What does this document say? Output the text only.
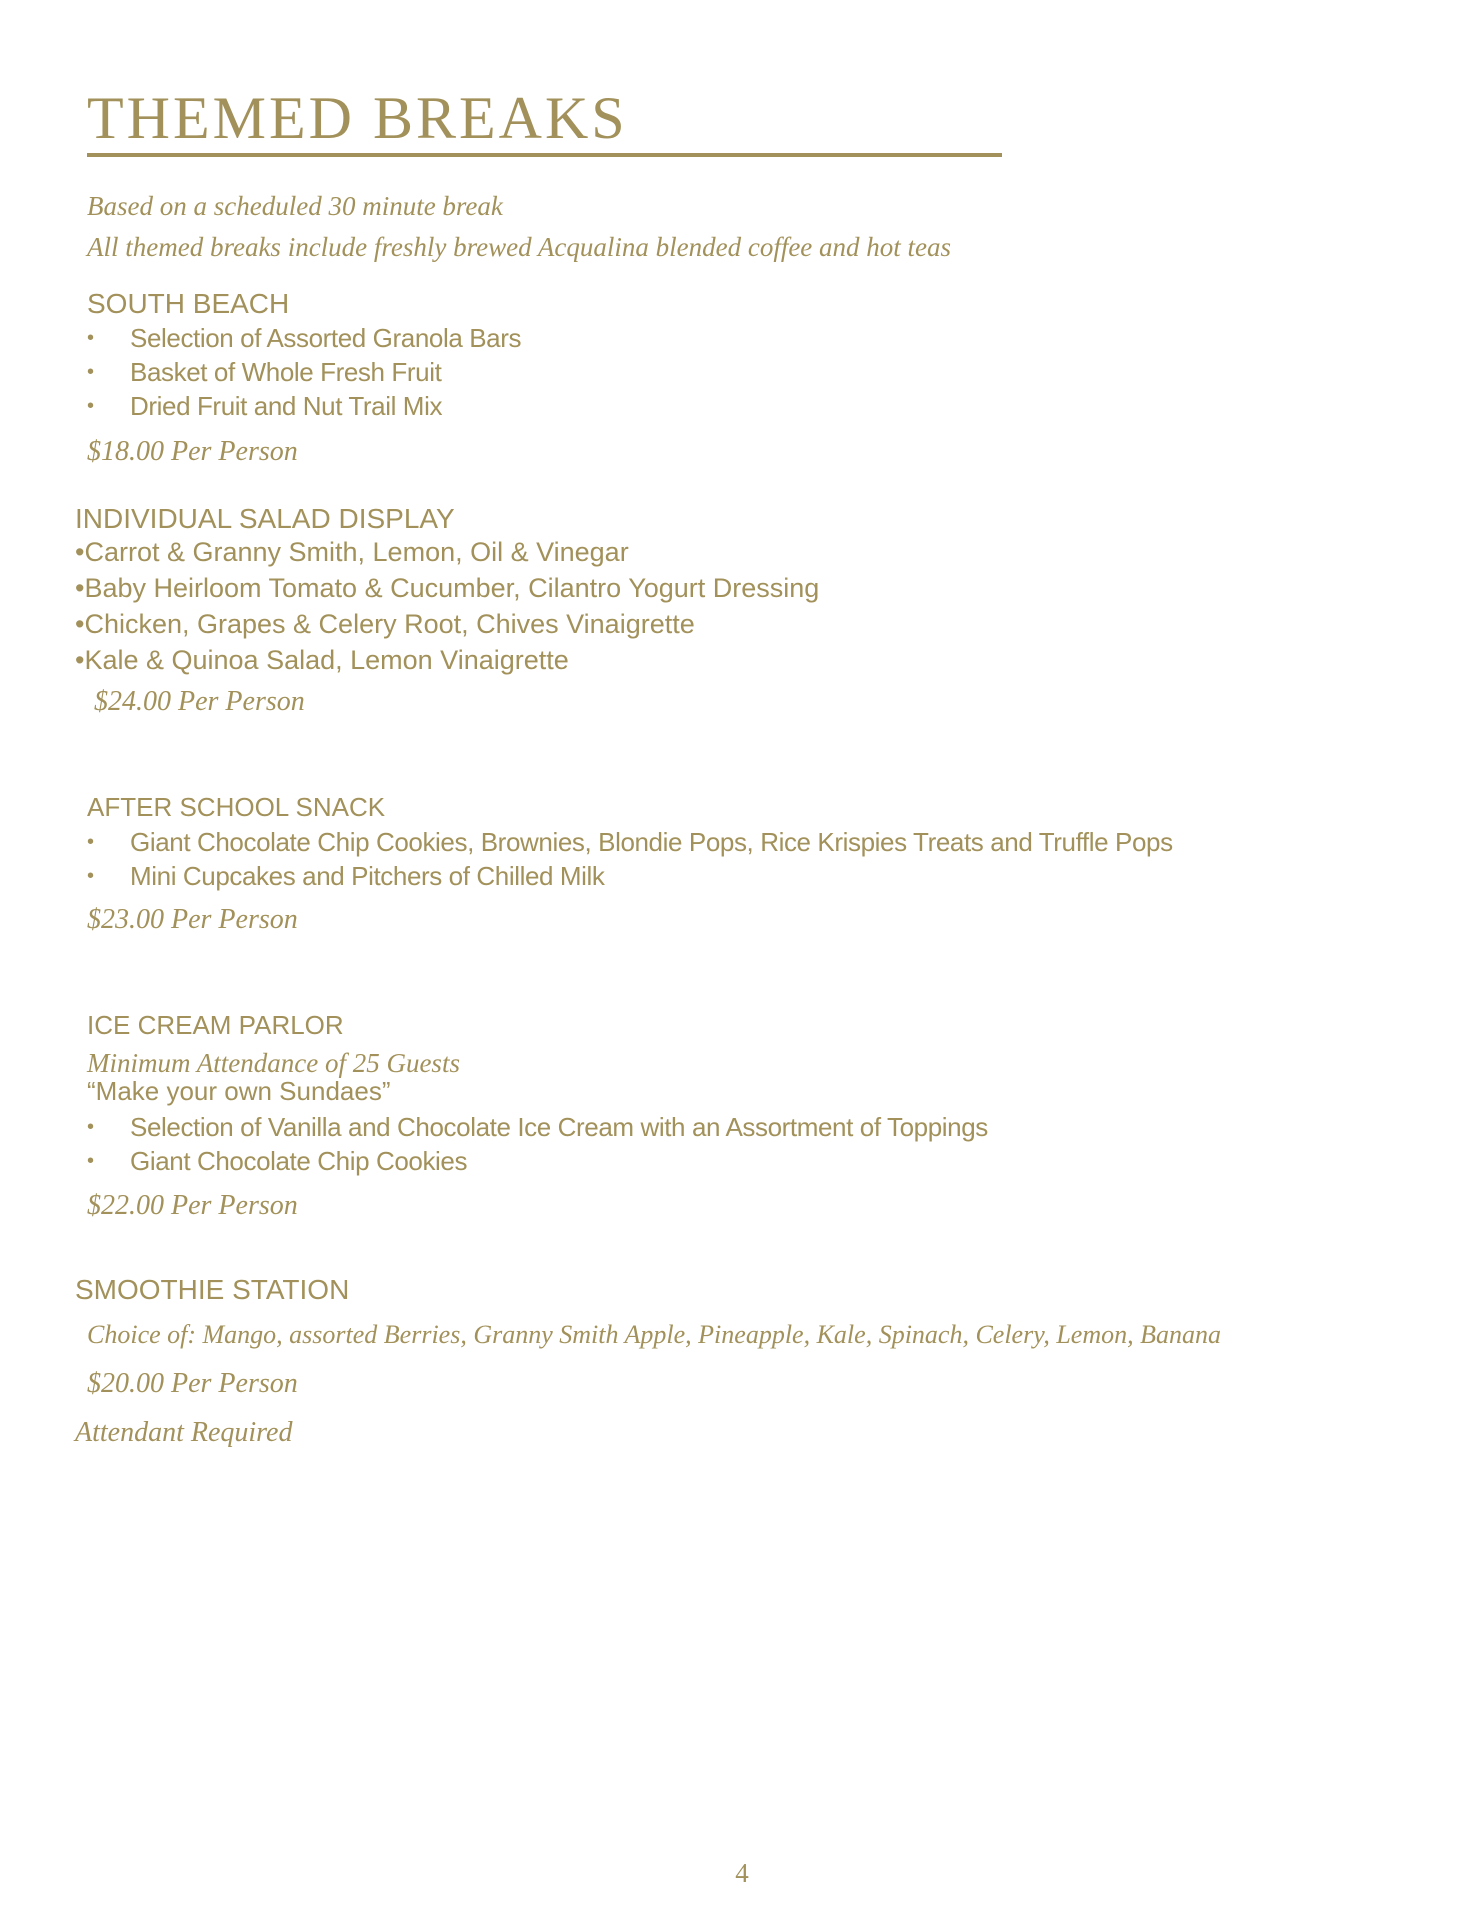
THEMED BREAKS
Based on a scheduled 30 minute break
All themed breaks include freshly brewed Acqualina blended coffee and hot teas
SOUTH BEACH
•	Selection of Assorted Granola Bars
•	Basket of Whole Fresh Fruit
•	Dried Fruit and Nut Trail Mix
$18.00 Per Person
INDIVIDUAL SALAD DISPLAY
•Carrot & Granny Smith, Lemon, Oil & Vinegar
•Baby Heirloom Tomato & Cucumber, Cilantro Yogurt Dressing
•Chicken, Grapes & Celery Root, Chives Vinaigrette
•Kale & Quinoa Salad, Lemon Vinaigrette
$24.00 Per Person
AFTER SCHOOL SNACK
•	Giant Chocolate Chip Cookies, Brownies, Blondie Pops, Rice Krispies Treats and Truffle Pops
•	Mini Cupcakes and Pitchers of Chilled Milk
$23.00 Per Person
ICE CREAM PARLOR
Minimum Attendance of 25 Guests
“Make your own Sundaes”
•	Selection of Vanilla and Chocolate Ice Cream with an Assortment of Toppings
•	Giant Chocolate Chip Cookies
$22.00 Per Person
SMOOTHIE STATION
Choice of: Mango, assorted Berries, Granny Smith Apple, Pineapple, Kale, Spinach, Celery, Lemon, Banana
$20.00 Per Person
Attendant Required
4
